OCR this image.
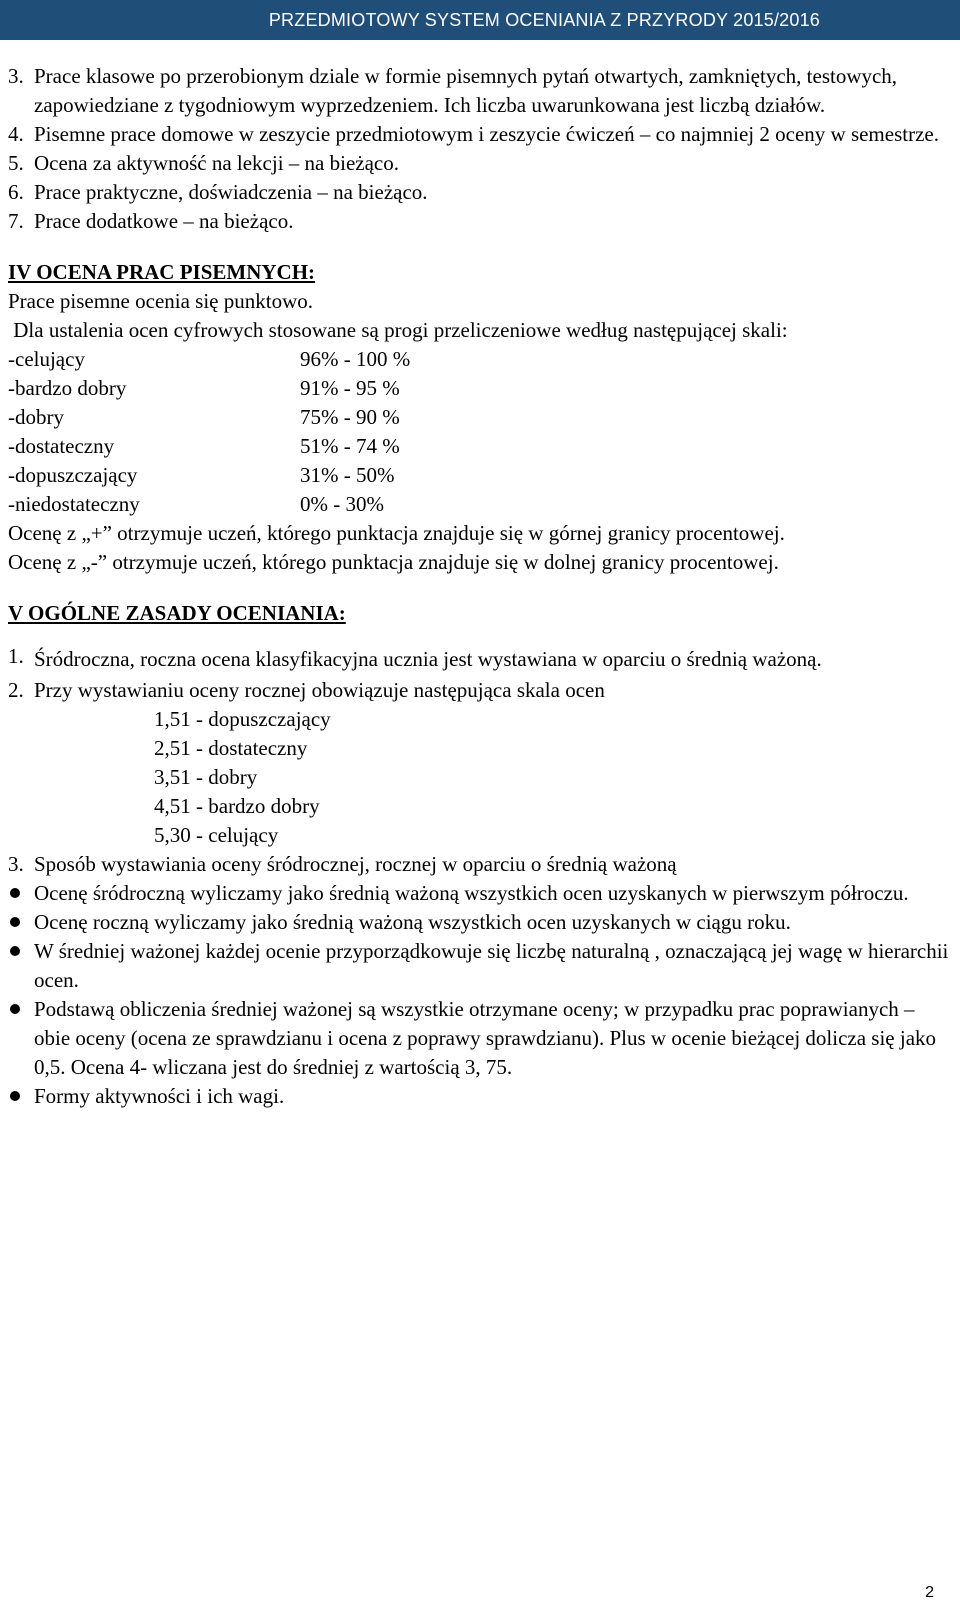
PRZEDMIOTOWY SYSTEM OCENIANIA Z PRZYRODY 2015/2016
3. Prace klasowe po przerobionym dziale w formie pisemnych pytań otwartych, zamkniętych, testowych, zapowiedziane z tygodniowym wyprzedzeniem. Ich liczba uwarunkowana jest liczbą działów.
4. Pisemne prace domowe w zeszycie przedmiotowym i zeszycie ćwiczeń – co najmniej 2 oceny w semestrze.
5. Ocena za aktywność na lekcji – na bieżąco.
6. Prace praktyczne, doświadczenia – na bieżąco.
7. Prace dodatkowe – na bieżąco.

IV OCENA PRAC PISEMNYCH:

Prace pisemne ocenia się punktowo.

Dla ustalenia ocen cyfrowych stosowane są progi przeliczeniowe według następującej skali:

-celujący	96% - 100 %
-bardzo dobry	91% - 95 %
-dobry	75% - 90 %
-dostateczny	51% - 74 %
-dopuszczający	31% - 50%
-niedostateczny	0% - 30%

Ocenę z „+” otrzymuje uczeń, którego punktacja znajduje się w górnej granicy procentowej.

Ocenę z „-” otrzymuje uczeń, którego punktacja znajduje się w dolnej granicy procentowej.

V OGÓLNE ZASADY OCENIANIA:

1. Śródroczna, roczna ocena klasyfikacyjna ucznia jest wystawiana w oparciu o średnią ważoną.
2. Przy wystawianiu oceny rocznej obowiązuje następująca skala ocen

1,51 - dopuszczający

2,51 - dostateczny

3,51 - dobry

4,51 - bardzo dobry

5,30 - celujący

3. Sposób wystawiania oceny śródrocznej, rocznej w oparciu o średnią ważoną
Ocenę śródroczną wyliczamy jako średnią ważoną wszystkich ocen uzyskanych w pierwszym półroczu.
Ocenę roczną wyliczamy jako średnią ważoną wszystkich ocen uzyskanych w ciągu roku.
W średniej ważonej każdej ocenie przyporządkowuje się liczbę naturalną , oznaczającą jej wagę w hierarchii ocen.
Podstawą obliczenia średniej ważonej są wszystkie otrzymane oceny; w przypadku prac poprawianych – obie oceny (ocena ze sprawdzianu i ocena z poprawy sprawdzianu). Plus w ocenie bieżącej dolicza się jako 0,5. Ocena 4- wliczana jest do średniej z wartością 3, 75.
Formy aktywności i ich wagi.
2
